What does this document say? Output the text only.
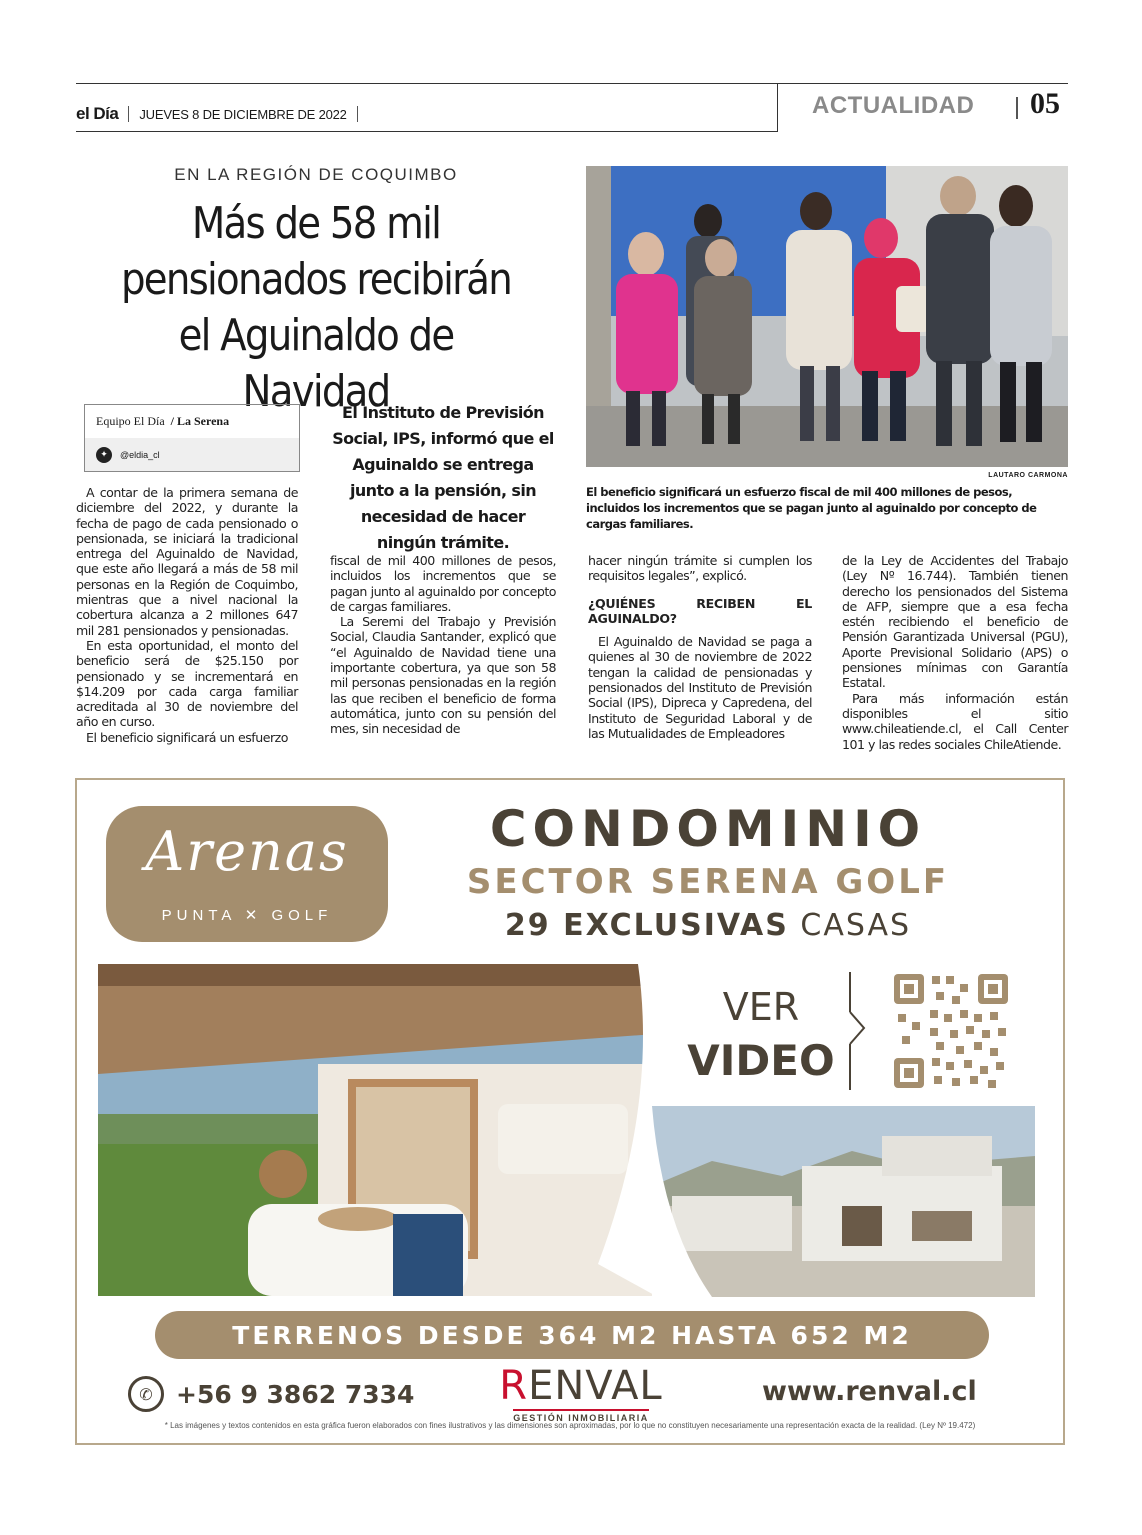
el Día JUEVES 8 DE DICIEMBRE DE 2022	ACTUALIDAD 05
EN LA REGIÓN DE COQUIMBO
Más de 58 mil pensionados recibirán el Aguinaldo de Navidad
Equipo El Día / La Serena
✦	@eldia_cl
El Instituto de Previsión Social, IPS, informó que el Aguinaldo se entrega junto a la pensión, sin necesidad de hacer ningún trámite.
LAUTARO CARMONA
El beneficio significará un esfuerzo fiscal de mil 400 millones de pesos, incluidos los incrementos que se pagan junto al aguinaldo por concepto de cargas familiares.

A contar de la primera semana de diciembre del 2022, y durante la fecha de pago de cada pensionado o pensionada, se iniciará la tradicional entrega del Aguinaldo de Navidad, que este año llegará a más de 58 mil personas en la Región de Coquimbo, mientras que a nivel nacional la cobertura alcanza a 2 millones 647 mil 281 pensionados y pensionadas.

En esta oportunidad, el monto del beneficio será de $25.150 por pensionado y se incrementará en $14.209 por cada carga familiar acreditada al 30 de noviembre del año en curso.

El beneficio significará un esfuerzo

fiscal de mil 400 millones de pesos, incluidos los incrementos que se pagan junto al aguinaldo por concepto de cargas familiares.

La Seremi del Trabajo y Previsión Social, Claudia Santander, explicó que “el Aguinaldo de Navidad tiene una importante cobertura, ya que son 58 mil personas pensionadas en la región las que reciben el beneficio de forma automática, junto con su pensión del mes, sin necesidad de

hacer ningún trámite si cumplen los requisitos legales”, explicó.

¿QUIÉNES RECIBEN EL AGUINALDO?

El Aguinaldo de Navidad se paga a quienes al 30 de noviembre de 2022 tengan la calidad de pensionadas y pensionados del Instituto de Previsión Social (IPS), Dipreca y Capredena, del Instituto de Seguridad Laboral y de las Mutualidades de Empleadores

de la Ley de Accidentes del Trabajo (Ley Nº 16.744). También tienen derecho los pensionados del Sistema de AFP, siempre que a esa fecha estén recibiendo el beneficio de Pensión Garantizada Universal (PGU), Aporte Previsional Solidario (APS) o pensiones mínimas con Garantía Estatal.

Para más información están disponibles el sitio www.chileatiende.cl, el Call Center 101 y las redes sociales ChileAtiende.

Arenas
PUNTA ✕ GOLF
CONDOMINIO
SECTOR SERENA GOLF
29 EXCLUSIVAS CASAS
VER
VIDEO
TERRENOS DESDE 364 M2 HASTA 652 M2
✆ +56 9 3862 7334	RENVAL
GESTIÓN INMOBILIARIA
www.renval.cl
* Las imágenes y textos contenidos en esta gráfica fueron elaborados con fines ilustrativos y las dimensiones son aproximadas, por lo que no constituyen necesariamente una representación exacta de la realidad. (Ley Nº 19.472)
